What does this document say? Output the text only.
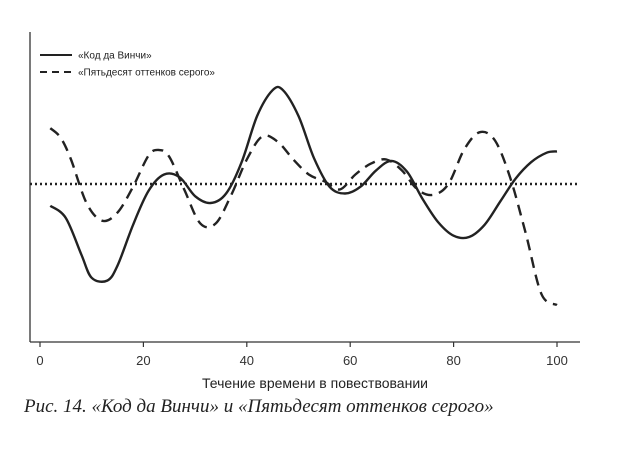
0	20	40	60	80	100
Течение времени в повествовании
«Код да Винчи»
«Пятьдесят оттенков серого»
Рис. 14. «Код да Винчи» и «Пятьдесят оттенков серого»
